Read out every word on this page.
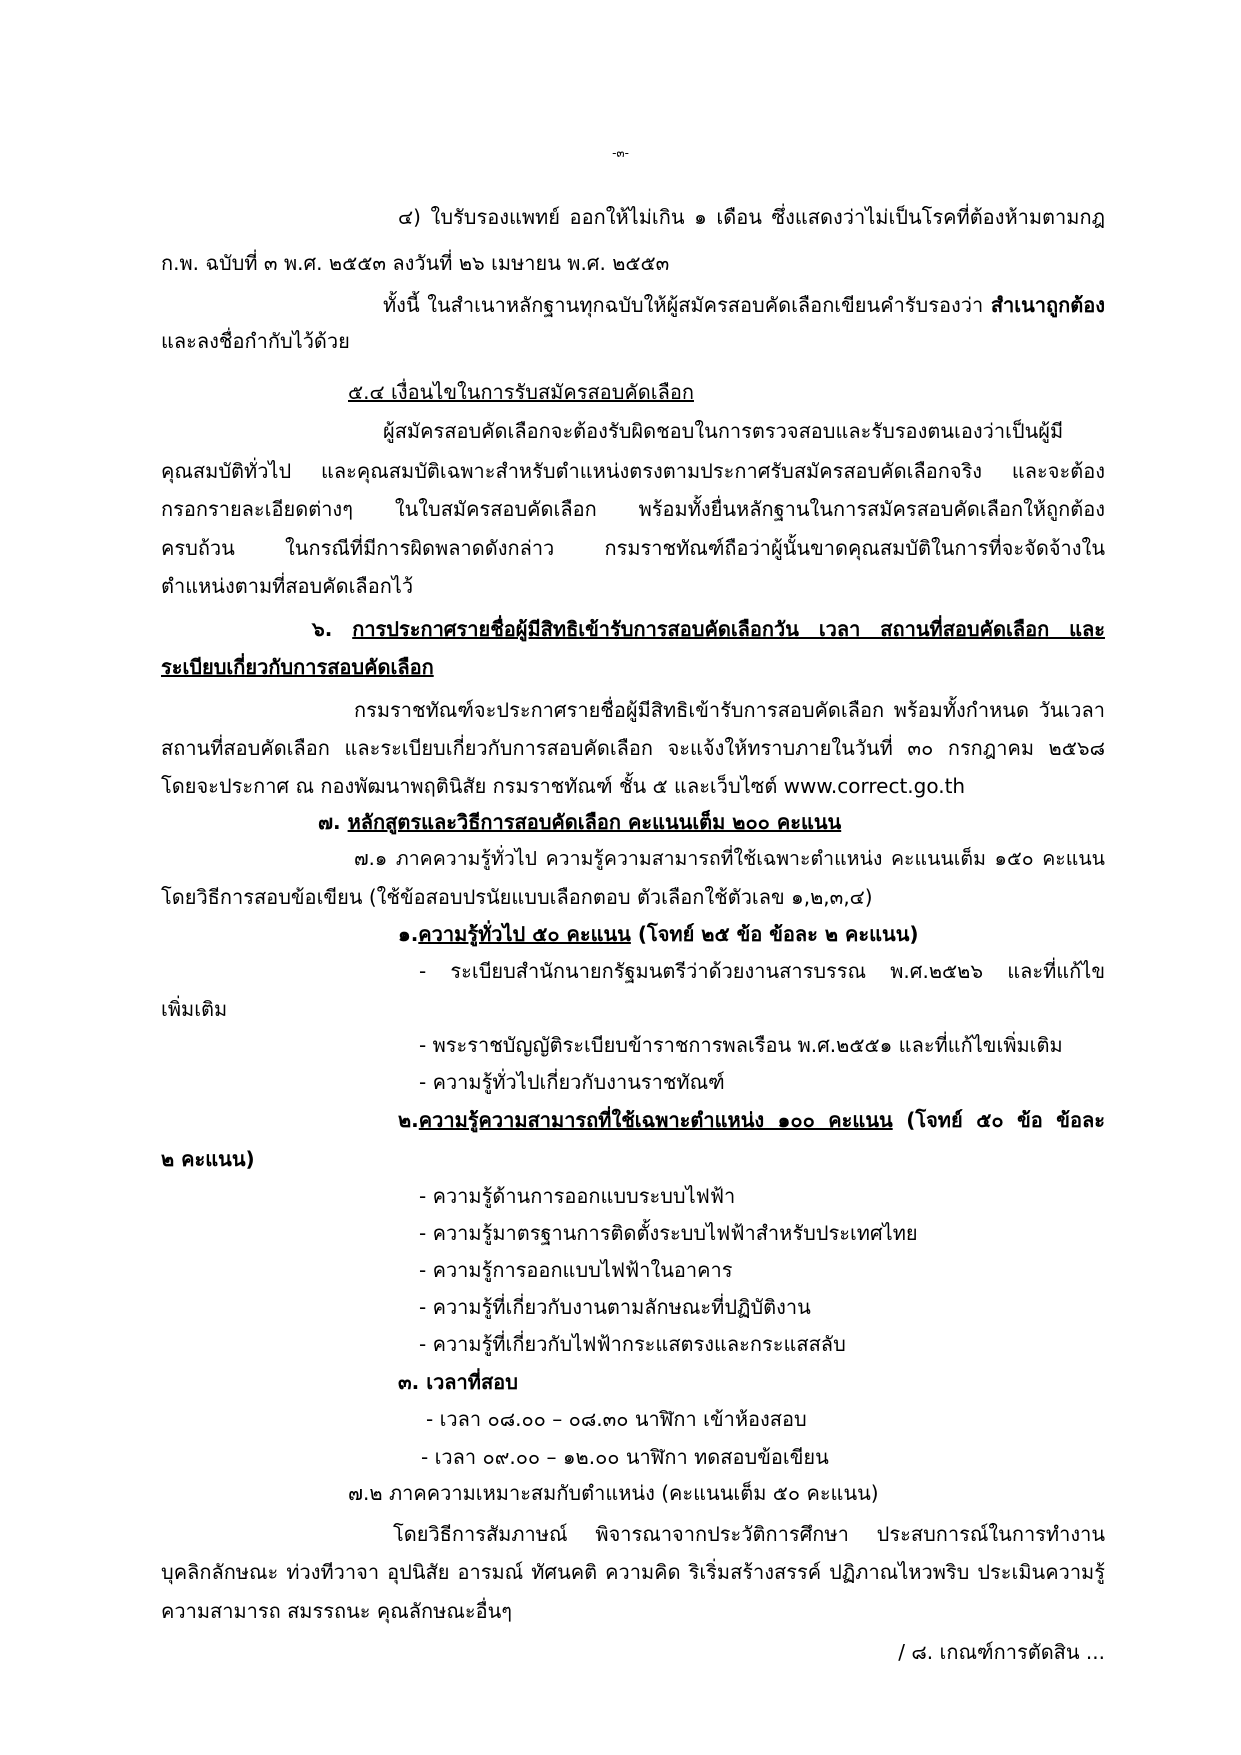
-๓-
๔) ใบรับรองแพทย์ ออกให้ไม่เกิน ๑ เดือน ซึ่งแสดงว่าไม่เป็นโรคที่ต้องห้ามตามกฎ
ก.พ. ฉบับที่ ๓ พ.ศ. ๒๕๕๓ ลงวันที่ ๒๖ เมษายน พ.ศ. ๒๕๕๓
ทั้งนี้ ในสำเนาหลักฐานทุกฉบับให้ผู้สมัครสอบคัดเลือกเขียนคำรับรองว่า สำเนาถูกต้อง
และลงชื่อกำกับไว้ด้วย
๕.๔ เงื่อนไขในการรับสมัครสอบคัดเลือก
ผู้สมัครสอบคัดเลือกจะต้องรับผิดชอบในการตรวจสอบและรับรองตนเองว่าเป็นผู้มี
คุณสมบัติทั่วไป และคุณสมบัติเฉพาะสำหรับตำแหน่งตรงตามประกาศรับสมัครสอบคัดเลือกจริง และจะต้อง
กรอกรายละเอียดต่างๆ ในใบสมัครสอบคัดเลือก พร้อมทั้งยื่นหลักฐานในการสมัครสอบคัดเลือกให้ถูกต้อง
ครบถ้วน ในกรณีที่มีการผิดพลาดดังกล่าว กรมราชทัณฑ์ถือว่าผู้นั้นขาดคุณสมบัติในการที่จะจัดจ้างใน
ตำแหน่งตามที่สอบคัดเลือกไว้
๖. การประกาศรายชื่อผู้มีสิทธิเข้ารับการสอบคัดเลือกวัน เวลา สถานที่สอบคัดเลือก และ
ระเบียบเกี่ยวกับการสอบคัดเลือก
กรมราชทัณฑ์จะประกาศรายชื่อผู้มีสิทธิเข้ารับการสอบคัดเลือก พร้อมทั้งกำหนด วันเวลา
สถานที่สอบคัดเลือก และระเบียบเกี่ยวกับการสอบคัดเลือก จะแจ้งให้ทราบภายในวันที่ ๓๐ กรกฎาคม ๒๕๖๘
โดยจะประกาศ ณ กองพัฒนาพฤตินิสัย กรมราชทัณฑ์ ชั้น ๕ และเว็บไซต์ www.correct.go.th
๗. หลักสูตรและวิธีการสอบคัดเลือก คะแนนเต็ม ๒๐๐ คะแนน
๗.๑ ภาคความรู้ทั่วไป ความรู้ความสามารถที่ใช้เฉพาะตำแหน่ง คะแนนเต็ม ๑๕๐ คะแนน
โดยวิธีการสอบข้อเขียน (ใช้ข้อสอบปรนัยแบบเลือกตอบ ตัวเลือกใช้ตัวเลข ๑,๒,๓,๔)
๑.ความรู้ทั่วไป ๕๐ คะแนน (โจทย์ ๒๕ ข้อ ข้อละ ๒ คะแนน)
- ระเบียบสำนักนายกรัฐมนตรีว่าด้วยงานสารบรรณ พ.ศ.๒๕๒๖ และที่แก้ไข
เพิ่มเติม
- พระราชบัญญัติระเบียบข้าราชการพลเรือน พ.ศ.๒๕๕๑ และที่แก้ไขเพิ่มเติม
- ความรู้ทั่วไปเกี่ยวกับงานราชทัณฑ์
๒.ความรู้ความสามารถที่ใช้เฉพาะตำแหน่ง ๑๐๐ คะแนน (โจทย์ ๕๐ ข้อ ข้อละ
๒ คะแนน)
- ความรู้ด้านการออกแบบระบบไฟฟ้า
- ความรู้มาตรฐานการติดตั้งระบบไฟฟ้าสำหรับประเทศไทย
- ความรู้การออกแบบไฟฟ้าในอาคาร
- ความรู้ที่เกี่ยวกับงานตามลักษณะที่ปฏิบัติงาน
- ความรู้ที่เกี่ยวกับไฟฟ้ากระแสตรงและกระแสสลับ
๓. เวลาที่สอบ
- เวลา ๐๘.๐๐ – ๐๘.๓๐ นาฬิกา เข้าห้องสอบ
- เวลา ๐๙.๐๐ – ๑๒.๐๐ นาฬิกา ทดสอบข้อเขียน
๗.๒ ภาคความเหมาะสมกับตำแหน่ง (คะแนนเต็ม ๕๐ คะแนน)
โดยวิธีการสัมภาษณ์ พิจารณาจากประวัติการศึกษา ประสบการณ์ในการทำงาน
บุคลิกลักษณะ ท่วงทีวาจา อุปนิสัย อารมณ์ ทัศนคติ ความคิด ริเริ่มสร้างสรรค์ ปฏิภาณไหวพริบ ประเมินความรู้
ความสามารถ สมรรถนะ คุณลักษณะอื่นๆ
/ ๘. เกณฑ์การตัดสิน ...
